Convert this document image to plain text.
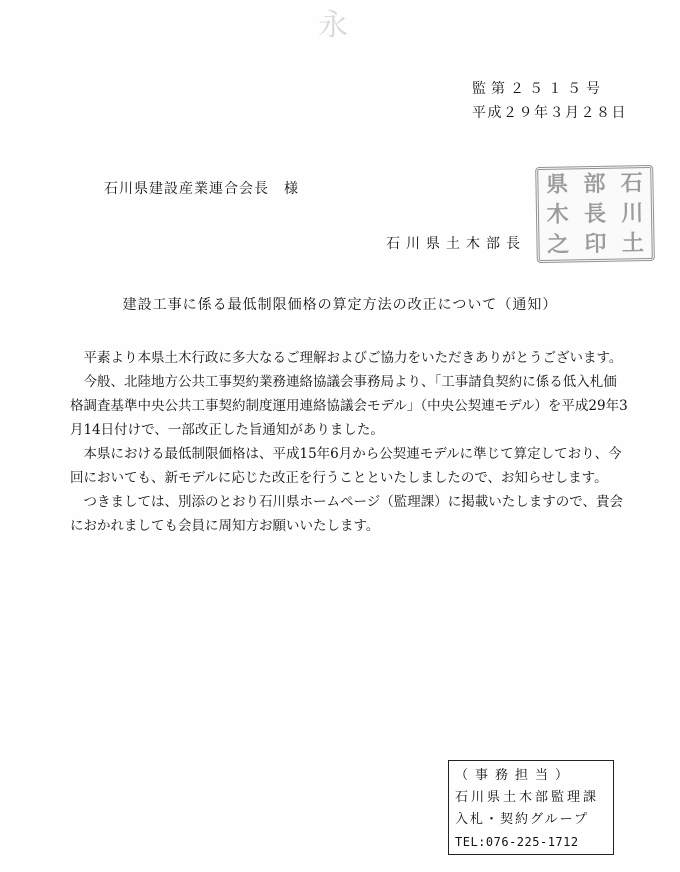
永
監第２５１５号
平成２９年３月２８日
石川県建設産業連合会長　様
石川県土木部長
県 部 石
木 長 川
之 印 土
建設工事に係る最低制限価格の算定方法の改正について（通知）

　平素より本県土木行政に多大なるご理解およびご協力をいただきありがとうございます。

　今般、北陸地方公共工事契約業務連絡協議会事務局より、「工事請負契約に係る低入札価格調査基準中央公共工事契約制度運用連絡協議会モデル」（中央公契連モデル）を平成29年3月14日付けで、一部改正した旨通知がありました。

　本県における最低制限価格は、平成15年6月から公契連モデルに準じて算定しており、今回においても、新モデルに応じた改正を行うことといたしましたので、お知らせします。

　つきましては、別添のとおり石川県ホームページ（監理課）に掲載いたしますので、貴会におかれましても会員に周知方お願いいたします。

（事務担当）
石川県土木部監理課
入札・契約グループ
TEL:076-225-1712
